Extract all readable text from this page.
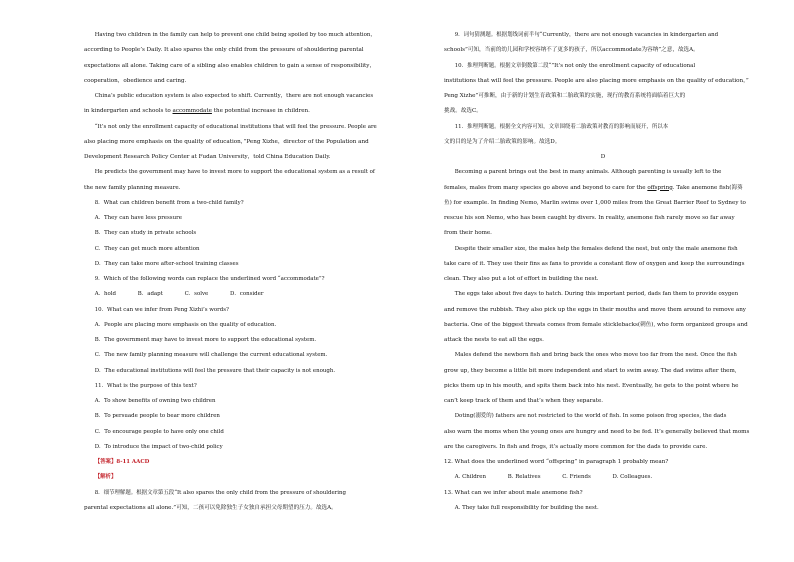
Having two children in the family can help to prevent one child being spoiled by too much attention，

according to People’s Daily. It also spares the only child from the pressure of shouldering parental

expectations all alone. Taking care of a sibling also enables children to gain a sense of responsibility，

cooperation，obedience and caring.

China’s public education system is also expected to shift. Currently，there are not enough vacancies

in kindergarten and schools to accommodate the potential increase in children.

“It’s not only the enrollment capacity of educational institutions that will feel the pressure. People are

also placing more emphasis on the quality of education，”Peng Xizhe，director of the Population and

Development Research Policy Center at Fudan University，told China Education Daily.

He predicts the government may have to invest more to support the educational system as a result of

the new family planning measure.

8．What can children benefit from a two-child family?

A．They can have less pressure

B．They can study in private schools

C．They can get much more attention

D．They can take more after-school training classes

9．Which of the following words can replace the underlined word “accommodate”?

A．hold　　　　B．adapt　　　　C．solve　　　　D．consider

10．What can we infer from Peng Xizhi’s words?

A．People are placing more emphasis on the quality of education.

B．The government may have to invest more to support the educational system.

C．The new family planning measure will challenge the current educational system.

D．The educational institutions will feel the pressure that their capacity is not enough.

11．What is the purpose of this text?

A．To show benefits of owning two children

B．To persuade people to bear more children

C．To encourage people to have only one child

D．To introduce the impact of two-child policy

【答案】8-11 AACD

【解析】

8．细节理解题。根据文章第五段“It also spares the only child from the pressure of shouldering

parental expectations all alone.”可知，二孩可以免除独生子女独自承担父母期望的压力。故选A。

9．词句猜测题。根据划线词前半句“Currently，there are not enough vacancies in kindergarten and

schools”可知，当前的幼儿园和学校容纳不了更多的孩子，所以accommodate为容纳”之意，故选A。

10．推理判断题。根据文章倒数第二段“”It’s not only the enrollment capacity of educational

institutions that will feel the pressure. People are also placing more emphasis on the quality of education，”

Peng Xizhe”可推断，由于新的计划生育政策和二胎政策的实施，现行的教育系统将面临着巨大的

挑战。故选C。

11．推理判断题。根据全文内容可知，文章围绕着二胎政策对教育的影响而展开，所以本

文的目的是为了介绍二胎政策的影响。故选D。

D

Becoming a parent brings out the best in many animals. Although parenting is usually left to the

females, males from many species go above and beyond to care for the offspring. Take anemone fish(海葵

鱼) for example. In finding Nemo, Marlin swims over 1,000 miles from the Great Barrier Reef to Sydney to

rescue his son Nemo, who has been caught by divers. In reality, anemone fish rarely move so far away

from their home.

Despite their smaller size, the males help the females defend the nest, but only the male anemone fish

take care of it. They use their fins as fans to provide a constant flow of oxygen and keep the surroundings

clean. They also put a lot of effort in building the nest.

The eggs take about five days to hatch. During this important period, dads fan them to provide oxygen

and remove the rubbish. They also pick up the eggs in their mouths and move them around to remove any

bacteria. One of the biggest threats comes from female sticklebacks(刺鱼), who form organized groups and

attack the nests to eat all the eggs.

Males defend the newborn fish and bring back the ones who move too far from the nest. Once the fish

grow up, they become a little bit more independent and start to swim away. The dad swims after them,

picks them up in his mouth, and spits them back into his nest. Eventually, he gets to the point where he

can’t keep track of them and that’s when they separate.

Doting(溺爱的) fathers are not restricted to the world of fish. In some poison frog species, the dads

also warn the moms when the young ones are hungry and need to be fed. It’s generally believed that moms

are the caregivers. In fish and frogs, it’s actually more common for the dads to provide care.

12. What does the underlined word “offspring” in paragraph 1 probably mean?

A. Children　　　　B. Relatives　　　　C. Friends　　　　D. Colleagues.

13. What can we infer about male anemone fish?

A. They take full responsibility for building the nest.
